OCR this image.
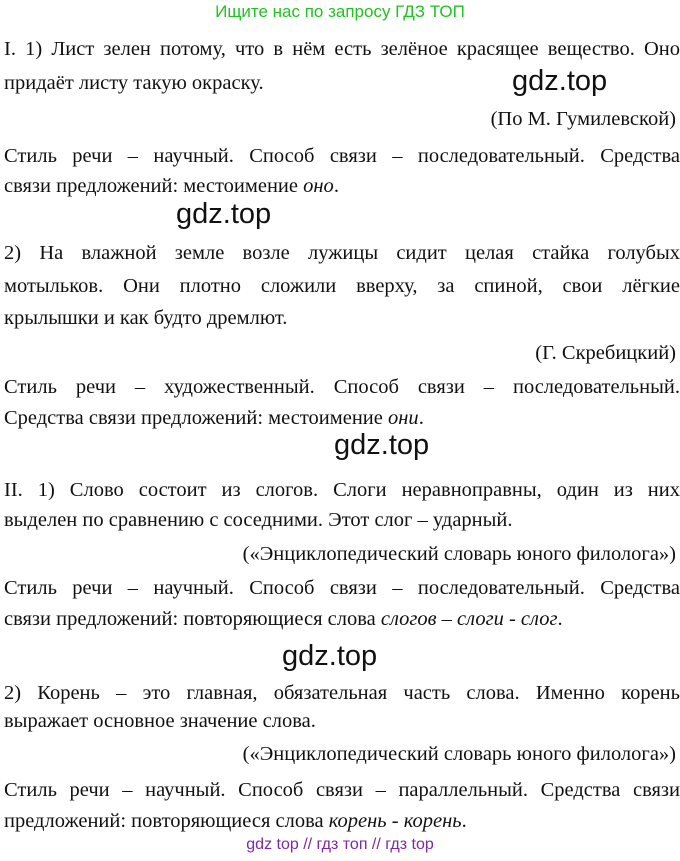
Ищите нас по запросу ГДЗ ТОП
I. 1) Лист зелен потому, что в нём есть зелёное красящее вещество. Оно
придаёт листу такую окраску.	gdz.top
(По М. Гумилевской)
Стиль речи – научный. Способ связи – последовательный. Средства
связи предложений: местоимение оно.
gdz.top
2) На влажной земле возле лужицы сидит целая стайка голубых
мотыльков. Они плотно сложили вверху, за спиной, свои лёгкие
крылышки и как будто дремлют.
(Г. Скребицкий)
Стиль речи – художественный. Способ связи – последовательный.
Средства связи предложений: местоимение они.
gdz.top
II. 1) Слово состоит из слогов. Слоги неравноправны, один из них
выделен по сравнению с соседними. Этот слог – ударный.
(«Энциклопедический словарь юного филолога»)
Стиль речи – научный. Способ связи – последовательный. Средства
связи предложений: повторяющиеся слова слогов – слоги - слог.
gdz.top
2) Корень – это главная, обязательная часть слова. Именно корень
выражает основное значение слова.
(«Энциклопедический словарь юного филолога»)
Стиль речи – научный. Способ связи – параллельный. Средства связи
предложений: повторяющиеся слова корень - корень.
gdz top // гдз топ // гдз top
